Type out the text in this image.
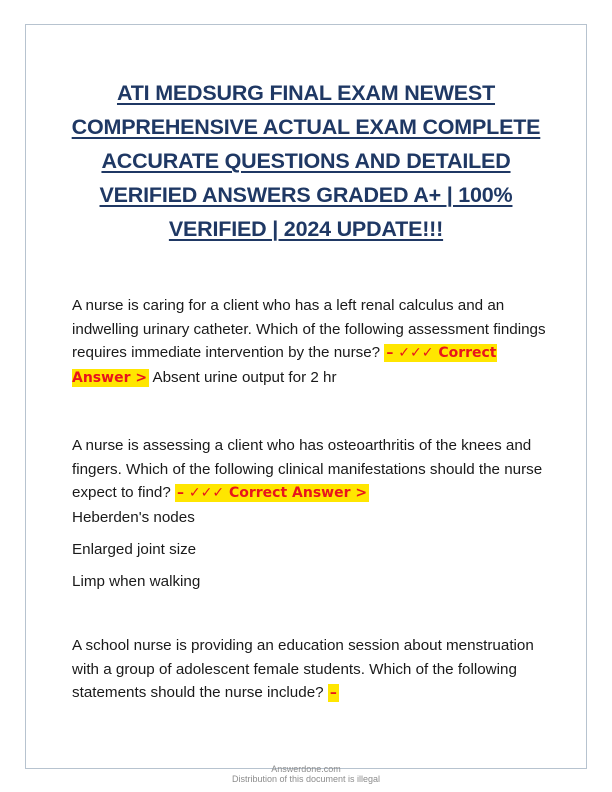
ATI MEDSURG FINAL EXAM NEWEST COMPREHENSIVE ACTUAL EXAM COMPLETE ACCURATE QUESTIONS AND DETAILED VERIFIED ANSWERS GRADED A+ | 100% VERIFIED | 2024 UPDATE!!!

A nurse is caring for a client who has a left renal calculus and an indwelling urinary catheter. Which of the following assessment findings requires immediate intervention by the nurse? – ✓✓✓ Correct Answer > Absent urine output for 2 hr

A nurse is assessing a client who has osteoarthritis of the knees and fingers. Which of the following clinical manifestations should the nurse expect to find? – ✓✓✓ Correct Answer >

Heberden's nodes
Enlarged joint size
Limp when walking

A school nurse is providing an education session about menstruation with a group of adolescent female students. Which of the following statements should the nurse include? –

Answerdone.com
Distribution of this document is illegal
